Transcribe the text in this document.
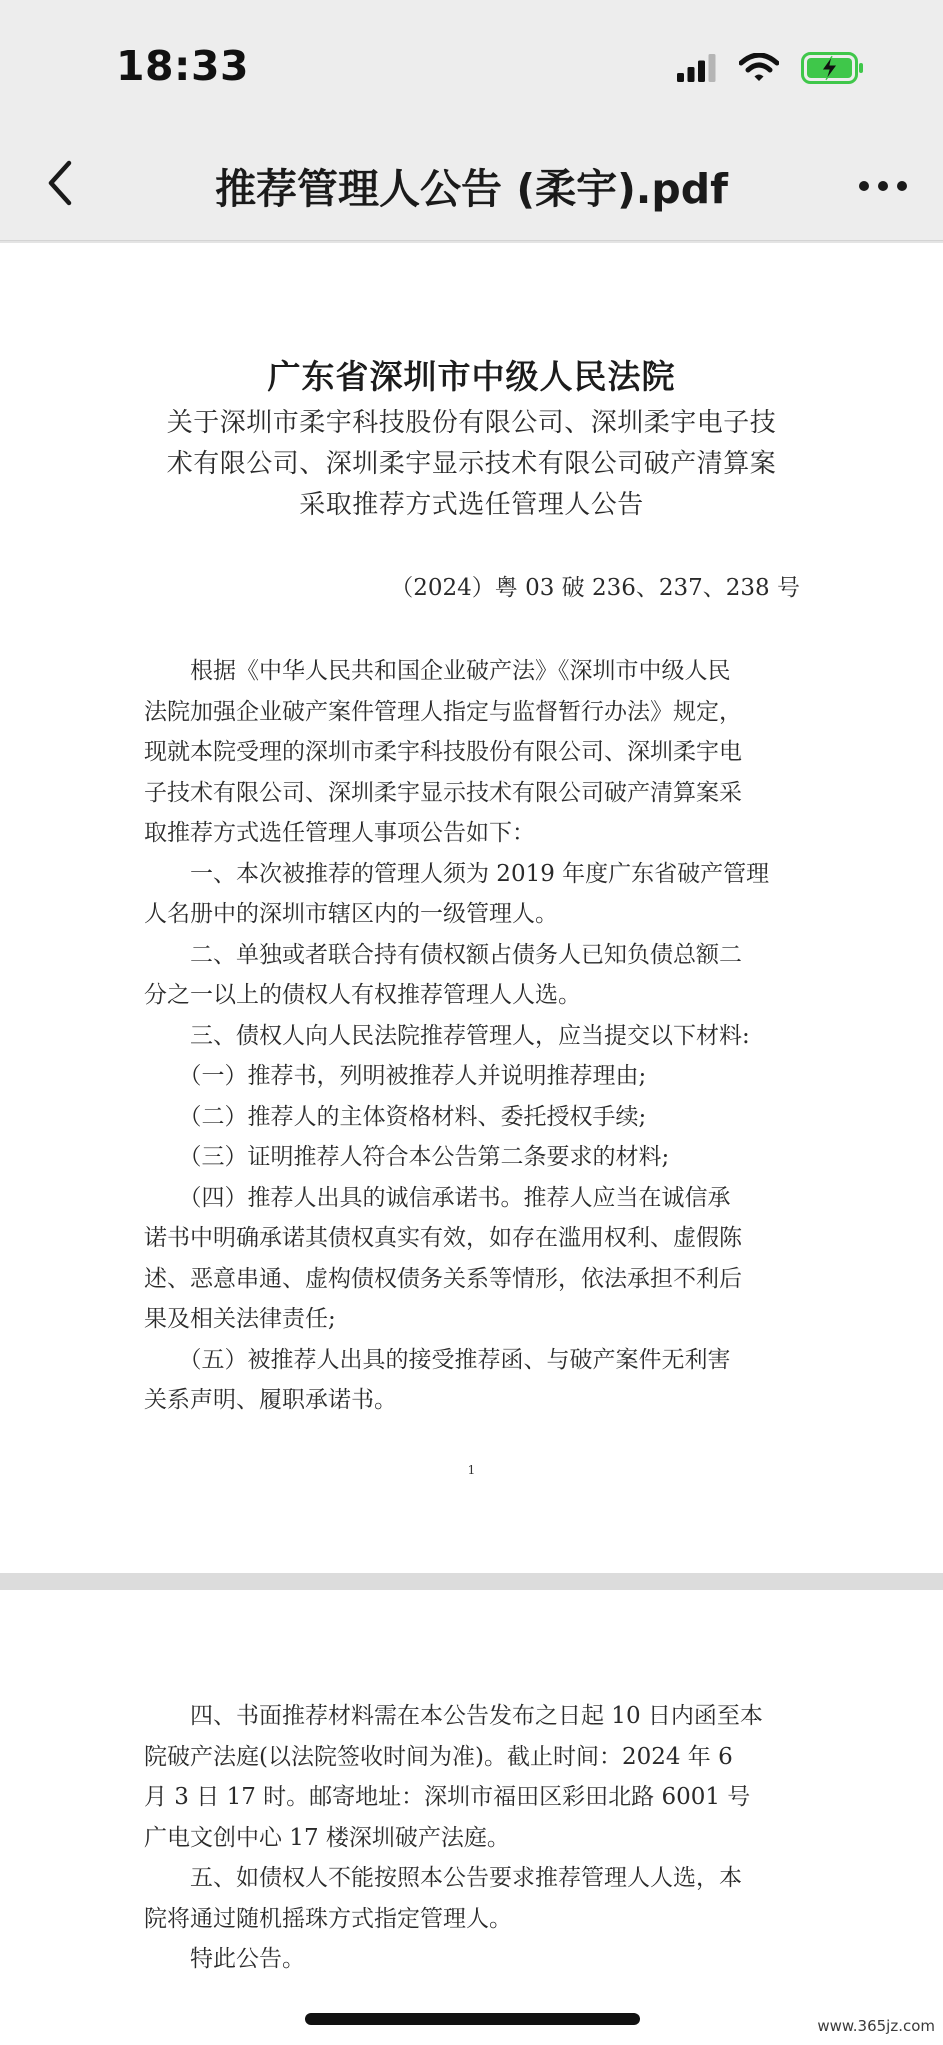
18:33
推荐管理人公告 (柔宇).pdf
广东省深圳市中级人民法院
关于深圳市柔宇科技股份有限公司、深圳柔宇电子技
术有限公司、深圳柔宇显示技术有限公司破产清算案
采取推荐方式选任管理人公告
（2024）粤 03 破 236、237、238 号
　　根据《中华人民共和国企业破产法》《深圳市中级人民
法院加强企业破产案件管理人指定与监督暂行办法》规定，
现就本院受理的深圳市柔宇科技股份有限公司、深圳柔宇电
子技术有限公司、深圳柔宇显示技术有限公司破产清算案采
取推荐方式选任管理人事项公告如下：
　　一、本次被推荐的管理人须为 2019 年度广东省破产管理
人名册中的深圳市辖区内的一级管理人。
　　二、单独或者联合持有债权额占债务人已知负债总额二
分之一以上的债权人有权推荐管理人人选。
　　三、债权人向人民法院推荐管理人，应当提交以下材料:
　　（一）推荐书，列明被推荐人并说明推荐理由;
　　（二）推荐人的主体资格材料、委托授权手续;
　　（三）证明推荐人符合本公告第二条要求的材料;
　　（四）推荐人出具的诚信承诺书。推荐人应当在诚信承
诺书中明确承诺其债权真实有效，如存在滥用权利、虚假陈
述、恶意串通、虚构债权债务关系等情形，依法承担不利后
果及相关法律责任;
　　（五）被推荐人出具的接受推荐函、与破产案件无利害
关系声明、履职承诺书。
1
　　四、书面推荐材料需在本公告发布之日起 10 日内函至本
院破产法庭(以法院签收时间为准)。截止时间：2024 年 6
月 3 日 17 时。邮寄地址：深圳市福田区彩田北路 6001 号
广电文创中心 17 楼深圳破产法庭。
　　五、如债权人不能按照本公告要求推荐管理人人选，本
院将通过随机摇珠方式指定管理人。
　　特此公告。
www.365jz.com
